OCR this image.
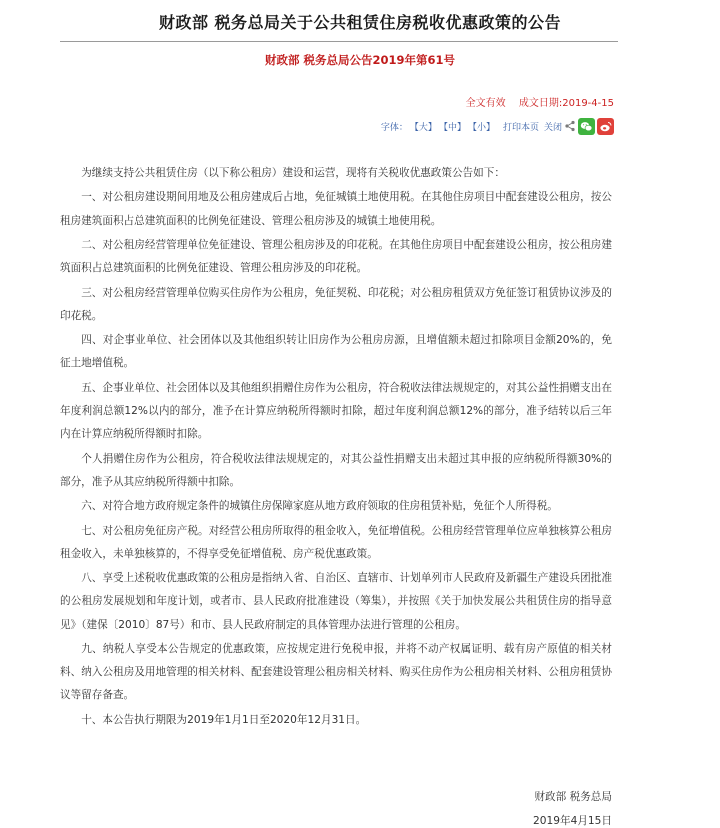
财政部 税务总局关于公共租赁住房税收优惠政策的公告
财政部 税务总局公告2019年第61号
全文有效 成文日期:2019-4-15
字体： 【大】 【中】 【小】 打印本页 关闭

为继续支持公共租赁住房（以下称公租房）建设和运营，现将有关税收优惠政策公告如下：

一、对公租房建设期间用地及公租房建成后占地，免征城镇土地使用税。在其他住房项目中配套建设公租房，按公租房建筑面积占总建筑面积的比例免征建设、管理公租房涉及的城镇土地使用税。

二、对公租房经营管理单位免征建设、管理公租房涉及的印花税。在其他住房项目中配套建设公租房，按公租房建筑面积占总建筑面积的比例免征建设、管理公租房涉及的印花税。

三、对公租房经营管理单位购买住房作为公租房，免征契税、印花税；对公租房租赁双方免征签订租赁协议涉及的印花税。

四、对企事业单位、社会团体以及其他组织转让旧房作为公租房房源，且增值额未超过扣除项目金额20%的，免征土地增值税。

五、企事业单位、社会团体以及其他组织捐赠住房作为公租房，符合税收法律法规规定的，对其公益性捐赠支出在年度利润总额12%以内的部分，准予在计算应纳税所得额时扣除，超过年度利润总额12%的部分，准予结转以后三年内在计算应纳税所得额时扣除。

个人捐赠住房作为公租房，符合税收法律法规规定的，对其公益性捐赠支出未超过其申报的应纳税所得额30%的部分，准予从其应纳税所得额中扣除。

六、对符合地方政府规定条件的城镇住房保障家庭从地方政府领取的住房租赁补贴，免征个人所得税。

七、对公租房免征房产税。对经营公租房所取得的租金收入，免征增值税。公租房经营管理单位应单独核算公租房租金收入，未单独核算的，不得享受免征增值税、房产税优惠政策。

八、享受上述税收优惠政策的公租房是指纳入省、自治区、直辖市、计划单列市人民政府及新疆生产建设兵团批准的公租房发展规划和年度计划，或者市、县人民政府批准建设（筹集），并按照《关于加快发展公共租赁住房的指导意见》（建保〔2010〕87号）和市、县人民政府制定的具体管理办法进行管理的公租房。

九、纳税人享受本公告规定的优惠政策，应按规定进行免税申报，并将不动产权属证明、载有房产原值的相关材料、纳入公租房及用地管理的相关材料、配套建设管理公租房相关材料、购买住房作为公租房相关材料、公租房租赁协议等留存备查。

十、本公告执行期限为2019年1月1日至2020年12月31日。

财政部 税务总局
2019年4月15日
